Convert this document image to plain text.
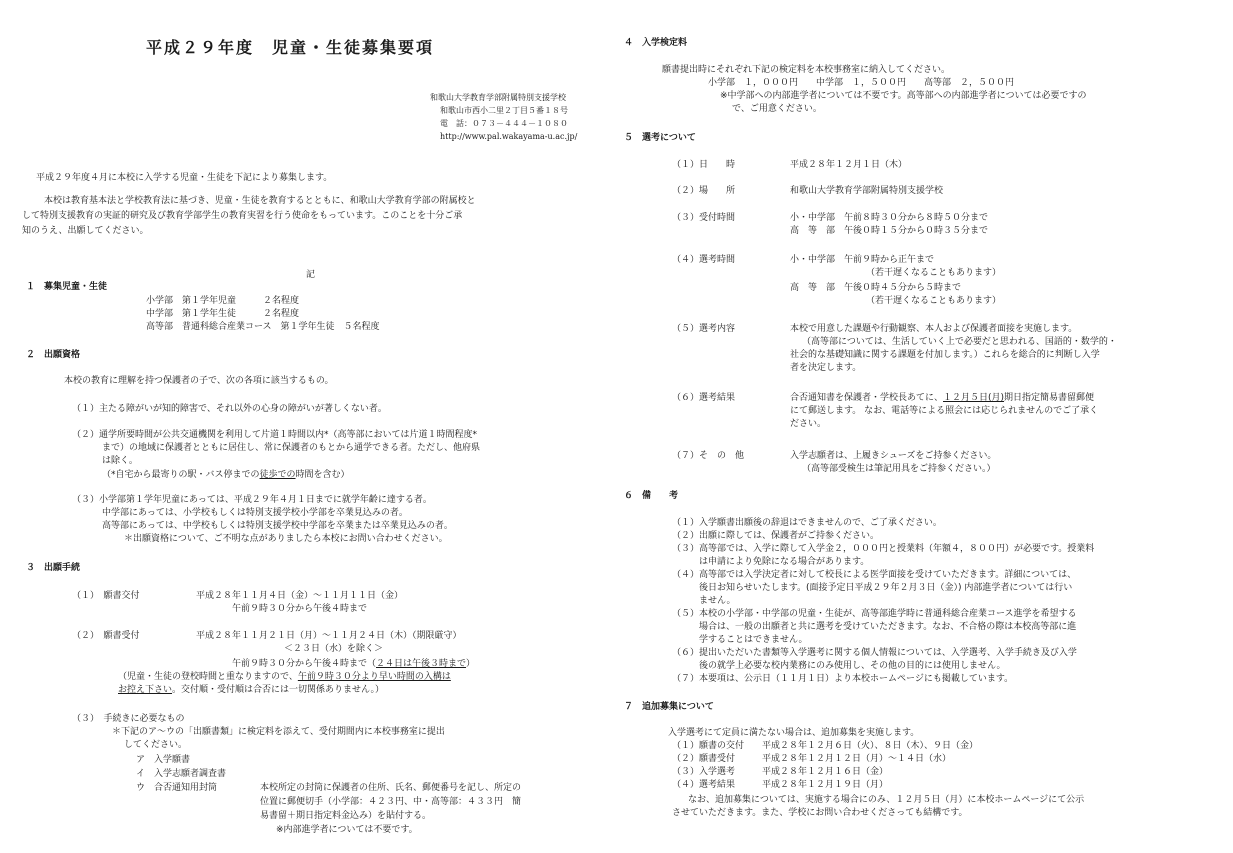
平成２９年度　児童・生徒募集要項
和歌山大学教育学部附属特別支援学校
和歌山市西小二里２丁目５番１８号
電　話：０７３－４４４－１０８０
http://www.pal.wakayama-u.ac.jp/
平成２９年度４月に本校に入学する児童・生徒を下記により募集します。
本校は教育基本法と学校教育法に基づき、児童・生徒を教育するとともに、和歌山大学教育学部の附属校と
して特別支援教育の実証的研究及び教育学部学生の教育実習を行う使命をもっています。このことを十分ご承
知のうえ、出願してください。
記
１　募集児童・生徒
小学部　第１学年児童　　　２名程度
中学部　第１学年生徒　　　２名程度
高等部　普通科総合産業コース　第１学年生徒　５名程度
２　出願資格
本校の教育に理解を持つ保護者の子で、次の各項に該当するもの。
（１）主たる障がいが知的障害で、それ以外の心身の障がいが著しくない者。
（２）通学所要時間が公共交通機関を利用して片道１時間以内*（高等部においては片道１時間程度*
まで）の地域に保護者とともに居住し、常に保護者のもとから通学できる者。ただし、他府県
は除く。
（*自宅から最寄りの駅・バス停までの徒歩での時間を含む）
（３）小学部第１学年児童にあっては、平成２９年４月１日までに就学年齢に達する者。
中学部にあっては、小学校もしくは特別支援学校小学部を卒業見込みの者。
高等部にあっては、中学校もしくは特別支援学校中学部を卒業または卒業見込みの者。
＊出願資格について、ご不明な点がありましたら本校にお問い合わせください。
３　出願手続
（１）　願書交付	平成２８年１１月４日（金）～１１月１１日（金）
午前９時３０分から午後４時まで
（２）　願書受付	平成２８年１１月２１日（月）～１１月２４日（木）（期限厳守）
＜２３日（水）を除く＞
午前９時３０分から午後４時まで（２４日は午後３時まで）
（児童・生徒の登校時間と重なりますので、午前９時３０分より早い時間の入構は
お控え下さい。交付順・受付順は合否には一切関係ありません。）
（３）　手続きに必要なもの
＊下記のア～ウの「出願書類」に検定料を添えて、受付期間内に本校事務室に提出
してください。
ア　入学願書
イ　入学志願者調査書
ウ　合否通知用封筒	本校所定の封筒に保護者の住所、氏名、郵便番号を記し、所定の
位置に郵便切手（小学部：４２３円、中・高等部：４３３円　簡
易書留＋期日指定料金込み）を貼付する。
※内部進学者については不要です。
４　入学検定料
願書提出時にそれぞれ下記の検定料を本校事務室に納入してください。
小学部　１，０００円　　中学部　１，５００円　　高等部　２，５００円
※中学部への内部進学者については不要です。高等部への内部進学者については必要ですの
で、ご用意ください。
５　選考について
（１）日　　時	平成２８年１２月１日（木）
（２）場　　所	和歌山大学教育学部附属特別支援学校
（３）受付時間	小・中学部　午前８時３０分から８時５０分まで
高　等　部　午後０時１５分から０時３５分まで
（４）選考時間	小・中学部　午前９時から正午まで
（若干遅くなることもあります）
高　等　部　午後０時４５分から５時まで
（若干遅くなることもあります）
（５）選考内容	本校で用意した課題や行動観察、本人および保護者面接を実施します。
（高等部については、生活していく上で必要だと思われる、国語的・数学的・
社会的な基礎知識に関する課題を付加します。）これらを総合的に判断し入学
者を決定します。
（６）選考結果	合否通知書を保護者・学校長あてに、１２月５日(月)期日指定簡易書留郵便
にて郵送します。 なお、電話等による照会には応じられませんのでご了承く
ださい。
（７）そ　の　他	入学志願者は、上履きシューズをご持参ください。
（高等部受検生は筆記用具をご持参ください。）
６　備　　考
（１）入学願書出願後の辞退はできませんので、ご了承ください。
（２）出願に際しては、保護者がご持参ください。
（３）高等部では、入学に際して入学金２，０００円と授業料（年額４，８００円）が必要です。授業料
　　　は申請により免除になる場合があります。
（４）高等部では入学決定者に対して校長による医学面接を受けていただきます。詳細については、
　　　後日お知らせいたします。(面接予定日平成２９年２月３日（金）) 内部進学者については行い
　　　ません。
（５）本校の小学部・中学部の児童・生徒が、高等部進学時に普通科総合産業コース進学を希望する
　　　場合は、一般の出願者と共に選考を受けていただきます。なお、不合格の際は本校高等部に進
　　　学することはできません。
（６）提出いただいた書類等入学選考に関する個人情報については、入学選考、入学手続き及び入学
　　　後の就学上必要な校内業務にのみ使用し、その他の目的には使用しません。
（７）本要項は、公示日（１１月１日）より本校ホームページにも掲載しています。
７　追加募集について
入学選考にて定員に満たない場合は、追加募集を実施します。
（１）願書の交付　　平成２８年１２月６日（火）、８日（木）、９日（金）
（２）願書受付　　　平成２８年１２月１２日（月）～１４日（水）
（３）入学選考　　　平成２８年１２月１６日（金）
（４）選考結果　　　平成２８年１２月１９日（月）
なお、追加募集については、実施する場合にのみ、１２月５日（月）に本校ホームページにて公示
させていただきます。また、学校にお問い合わせくださっても結構です。
